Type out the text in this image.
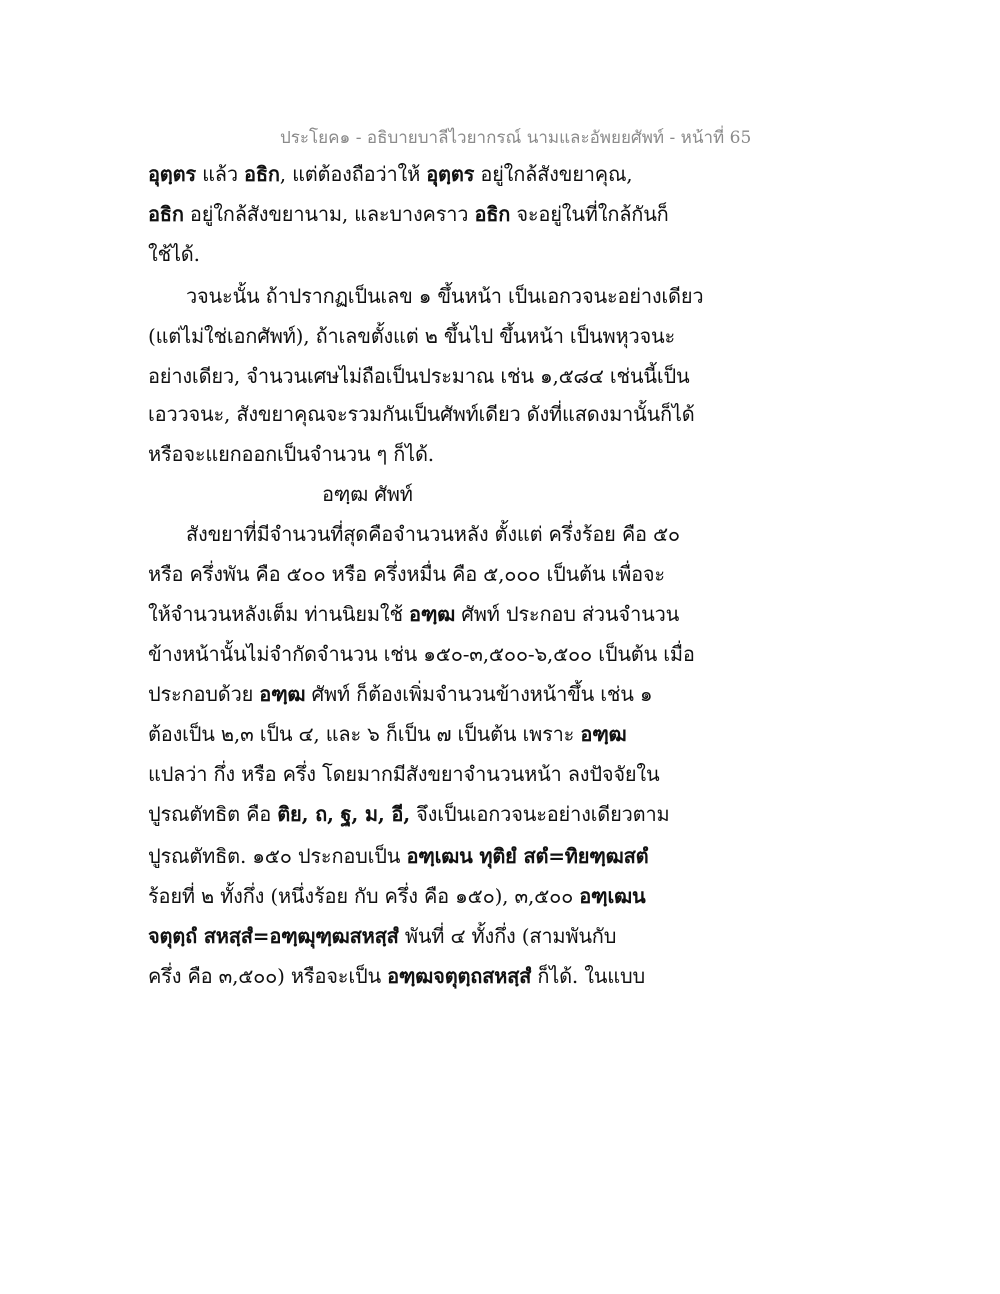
ประโยค๑ - อธิบายบาลีไวยากรณ์ นามและอัพยยศัพท์ - หน้าที่ 65
อุตฺตร แล้ว อธิก, แต่ต้องถือว่าให้ อุตฺตร อยู่ใกล้สังขยาคุณ,
อธิก อยู่ใกล้สังขยานาม, และบางคราว อธิก จะอยู่ในที่ใกล้กันก็
ใช้ได้.
วจนะนั้น ถ้าปรากฏเป็นเลข ๑ ขึ้นหน้า เป็นเอกวจนะอย่างเดียว
(แต่ไม่ใช่เอกศัพท์), ถ้าเลขตั้งแต่ ๒ ขึ้นไป ขึ้นหน้า เป็นพหุวจนะ
อย่างเดียว, จำนวนเศษไม่ถือเป็นประมาณ เช่น ๑,๕๘๔ เช่นนี้เป็น
เอววจนะ, สังขยาคุณจะรวมกันเป็นศัพท์เดียว ดังที่แสดงมานั้นก็ได้
หรือจะแยกออกเป็นจำนวน ๆ ก็ได้.
อฑฺฒ ศัพท์
สังขยาที่มีจำนวนที่สุดคือจำนวนหลัง ตั้งแต่ ครึ่งร้อย คือ ๕๐
หรือ ครึ่งพัน คือ ๕๐๐ หรือ ครึ่งหมื่น คือ ๕,๐๐๐ เป็นต้น เพื่อจะ
ให้จำนวนหลังเต็ม ท่านนิยมใช้ อฑฺฒ ศัพท์ ประกอบ ส่วนจำนวน
ข้างหน้านั้นไม่จำกัดจำนวน เช่น ๑๕๐-๓,๕๐๐-๖,๕๐๐ เป็นต้น เมื่อ
ประกอบด้วย อฑฺฒ ศัพท์ ก็ต้องเพิ่มจำนวนข้างหน้าขึ้น เช่น ๑
ต้องเป็น ๒,๓ เป็น ๔, และ ๖ ก็เป็น ๗ เป็นต้น เพราะ อฑฺฒ
แปลว่า กึ่ง หรือ ครึ่ง โดยมากมีสังขยาจำนวนหน้า ลงปัจจัยใน
ปูรณตัทธิต คือ ติย, ถ, ฐ, ม, อี, จึงเป็นเอกวจนะอย่างเดียวตาม
ปูรณตัทธิต. ๑๕๐ ประกอบเป็น อฑฺเฒน ทุติยํ สตํ=ทิยฑฺฒสตํ
ร้อยที่ ๒ ทั้งกึ่ง (หนึ่งร้อย กับ ครึ่ง คือ ๑๕๐), ๓,๕๐๐ อฑฺเฒน
จตุตฺถํ สหสฺสํ=อฑฺฒุฑฺฒสหสฺสํ พันที่ ๔ ทั้งกึ่ง (สามพันกับ
ครึ่ง คือ ๓,๕๐๐) หรือจะเป็น อฑฺฒจตุตฺถสหสฺสํ ก็ได้. ในแบบ
